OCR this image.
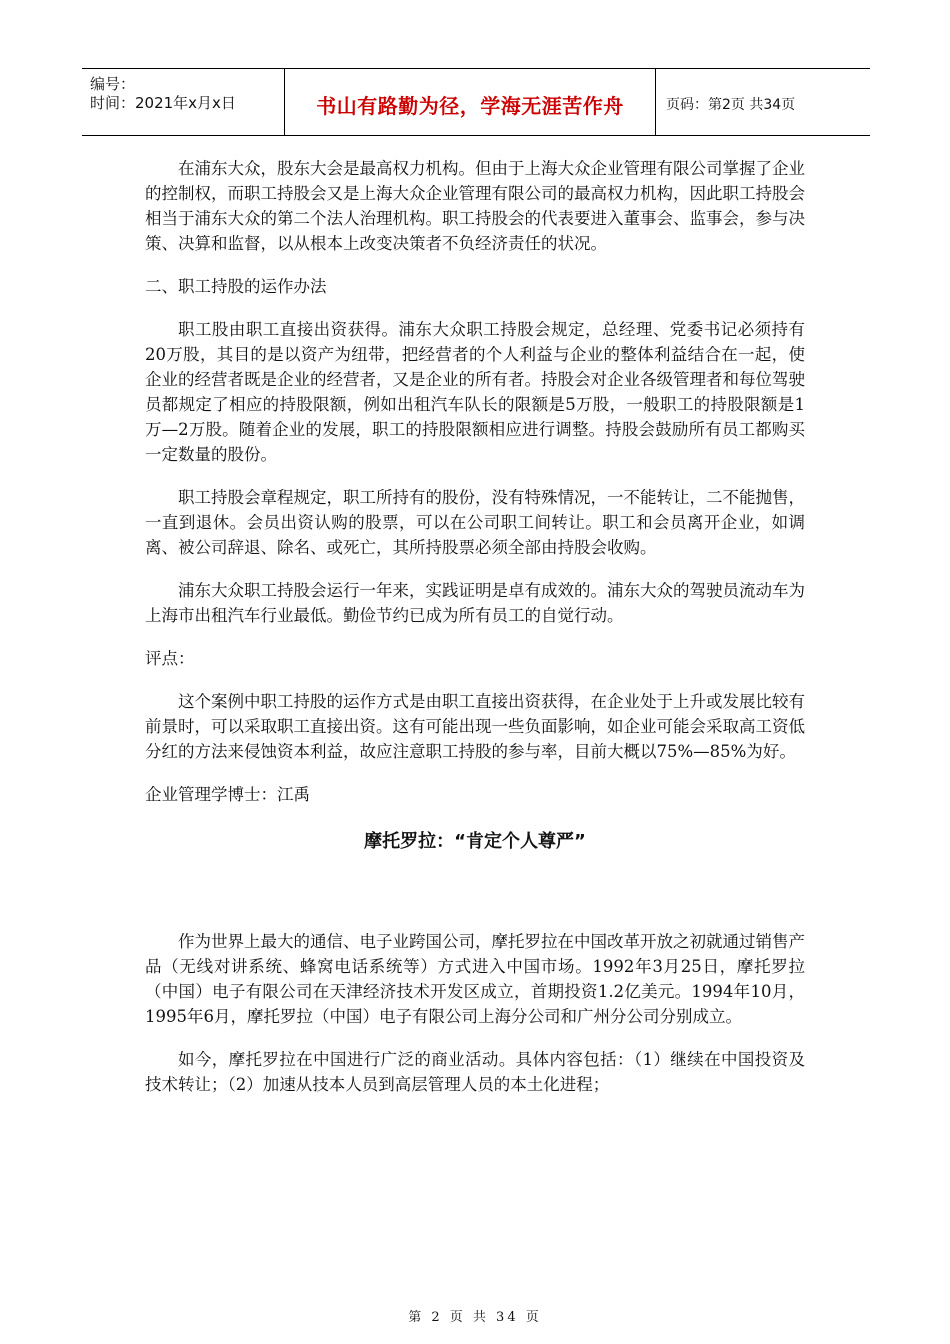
编号：
时间：2021年x月x日	书山有路勤为径，学海无涯苦作舟	页码：第2页 共34页

在浦东大众，股东大会是最高权力机构。但由于上海大众企业管理有限公司掌握了企业的控制权，而职工持股会又是上海大众企业管理有限公司的最高权力机构，因此职工持股会相当于浦东大众的第二个法人治理机构。职工持股会的代表要进入董事会、监事会，参与决策、决算和监督，以从根本上改变决策者不负经济责任的状况。

二、职工持股的运作办法

职工股由职工直接出资获得。浦东大众职工持股会规定，总经理、党委书记必须持有20万股，其目的是以资产为纽带，把经营者的个人利益与企业的整体利益结合在一起，使企业的经营者既是企业的经营者，又是企业的所有者。持股会对企业各级管理者和每位驾驶员都规定了相应的持股限额，例如出租汽车队长的限额是5万股，一般职工的持股限额是1万—2万股。随着企业的发展，职工的持股限额相应进行调整。持股会鼓励所有员工都购买一定数量的股份。

职工持股会章程规定，职工所持有的股份，没有特殊情况，一不能转让，二不能抛售，一直到退休。会员出资认购的股票，可以在公司职工间转让。职工和会员离开企业，如调离、被公司辞退、除名、或死亡，其所持股票必须全部由持股会收购。

浦东大众职工持股会运行一年来，实践证明是卓有成效的。浦东大众的驾驶员流动车为上海市出租汽车行业最低。勤俭节约已成为所有员工的自觉行动。

评点：

这个案例中职工持股的运作方式是由职工直接出资获得，在企业处于上升或发展比较有前景时，可以采取职工直接出资。这有可能出现一些负面影响，如企业可能会采取高工资低分红的方法来侵蚀资本利益，故应注意职工持股的参与率，目前大概以75%—85%为好。

企业管理学博士：江禹

摩托罗拉：“肯定个人尊严”

作为世界上最大的通信、电子业跨国公司，摩托罗拉在中国改革开放之初就通过销售产品（无线对讲系统、蜂窝电话系统等）方式进入中国市场。1992年3月25日，摩托罗拉（中国）电子有限公司在天津经济技术开发区成立，首期投资1.2亿美元。1994年10月，1995年6月，摩托罗拉（中国）电子有限公司上海分公司和广州分公司分别成立。

如今，摩托罗拉在中国进行广泛的商业活动。具体内容包括：（1）继续在中国投资及技术转让；（2）加速从技本人员到高层管理人员的本土化进程；

第 2 页 共 34 页
